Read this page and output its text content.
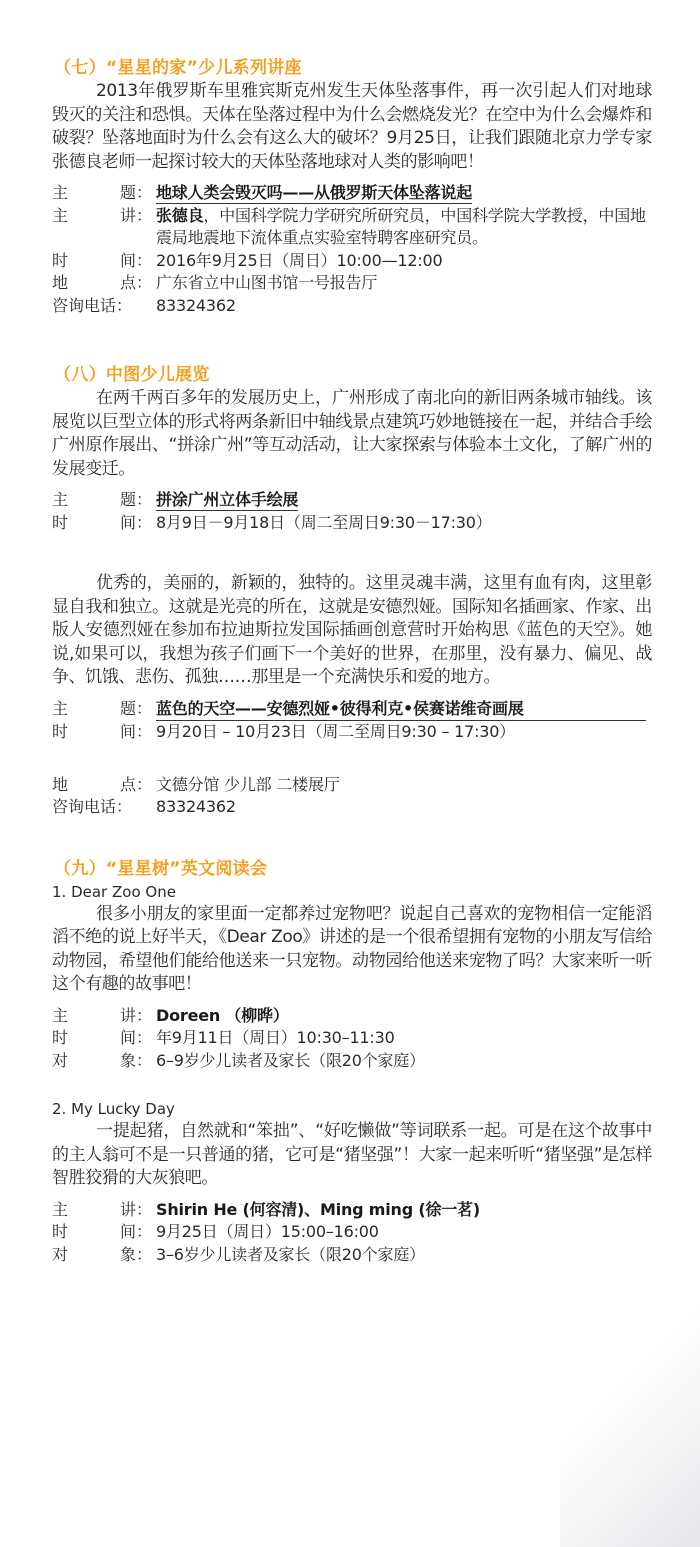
（七）“星星的家”少儿系列讲座

2013年俄罗斯车里雅宾斯克州发生天体坠落事件，再一次引起人们对地球毁灭的关注和恐惧。天体在坠落过程中为什么会燃烧发光？在空中为什么会爆炸和破裂？坠落地面时为什么会有这么大的破坏？9月25日，让我们跟随北京力学专家张德良老师一起探讨较大的天体坠落地球对人类的影响吧！

主	题： 地球人类会毁灭吗——从俄罗斯天体坠落说起
主	讲： 张德良，中国科学院力学研究所研究员，中国科学院大学教授，中国地震局地震地下流体重点实验室特聘客座研究员。
时	间： 2016年9月25日（周日）10:00—12:00
地	点： 广东省立中山图书馆一号报告厅
咨询电话：	83324362
（八）中图少儿展览

在两千两百多年的发展历史上，广州形成了南北向的新旧两条城市轴线。该展览以巨型立体的形式将两条新旧中轴线景点建筑巧妙地链接在一起，并结合手绘广州原作展出、“拼涂广州”等互动活动，让大家探索与体验本土文化，了解广州的发展变迁。

主	题： 拼涂广州立体手绘展
时	间： 8月9日－9月18日（周二至周日9:30－17:30）

优秀的，美丽的，新颖的，独特的。这里灵魂丰满，这里有血有肉，这里彰显自我和独立。这就是光亮的所在，这就是安德烈娅。国际知名插画家、作家、出版人安德烈娅在参加布拉迪斯拉发国际插画创意营时开始构思《蓝色的天空》。她说,如果可以，我想为孩子们画下一个美好的世界，在那里，没有暴力、偏见、战争、饥饿、悲伤、孤独……那里是一个充满快乐和爱的地方。

主	题： 蓝色的天空——安德烈娅•彼得利克•侯赛诺维奇画展
时	间： 9月20日 – 10月23日（周二至周日9:30 – 17:30）
地	点： 文德分馆 少儿部 二楼展厅
咨询电话：	83324362
（九）“星星树”英文阅读会
1. Dear Zoo One

很多小朋友的家里面一定都养过宠物吧？说起自己喜欢的宠物相信一定能滔滔不绝的说上好半天，《Dear Zoo》讲述的是一个很希望拥有宠物的小朋友写信给动物园，希望他们能给他送来一只宠物。动物园给他送来宠物了吗？大家来听一听这个有趣的故事吧！

主	讲： Doreen （柳晔）
时	间： 年9月11日（周日）10:30–11:30
对	象： 6–9岁少儿读者及家长（限20个家庭）
2. My Lucky Day

一提起猪，自然就和“笨拙”、“好吃懒做”等词联系一起。可是在这个故事中的主人翁可不是一只普通的猪，它可是“猪坚强”！大家一起来听听“猪坚强”是怎样智胜狡猾的大灰狼吧。

主	讲： Shirin He (何容清)、Ming ming (徐一茗)
时	间： 9月25日（周日）15:00–16:00
对	象： 3–6岁少儿读者及家长（限20个家庭）
